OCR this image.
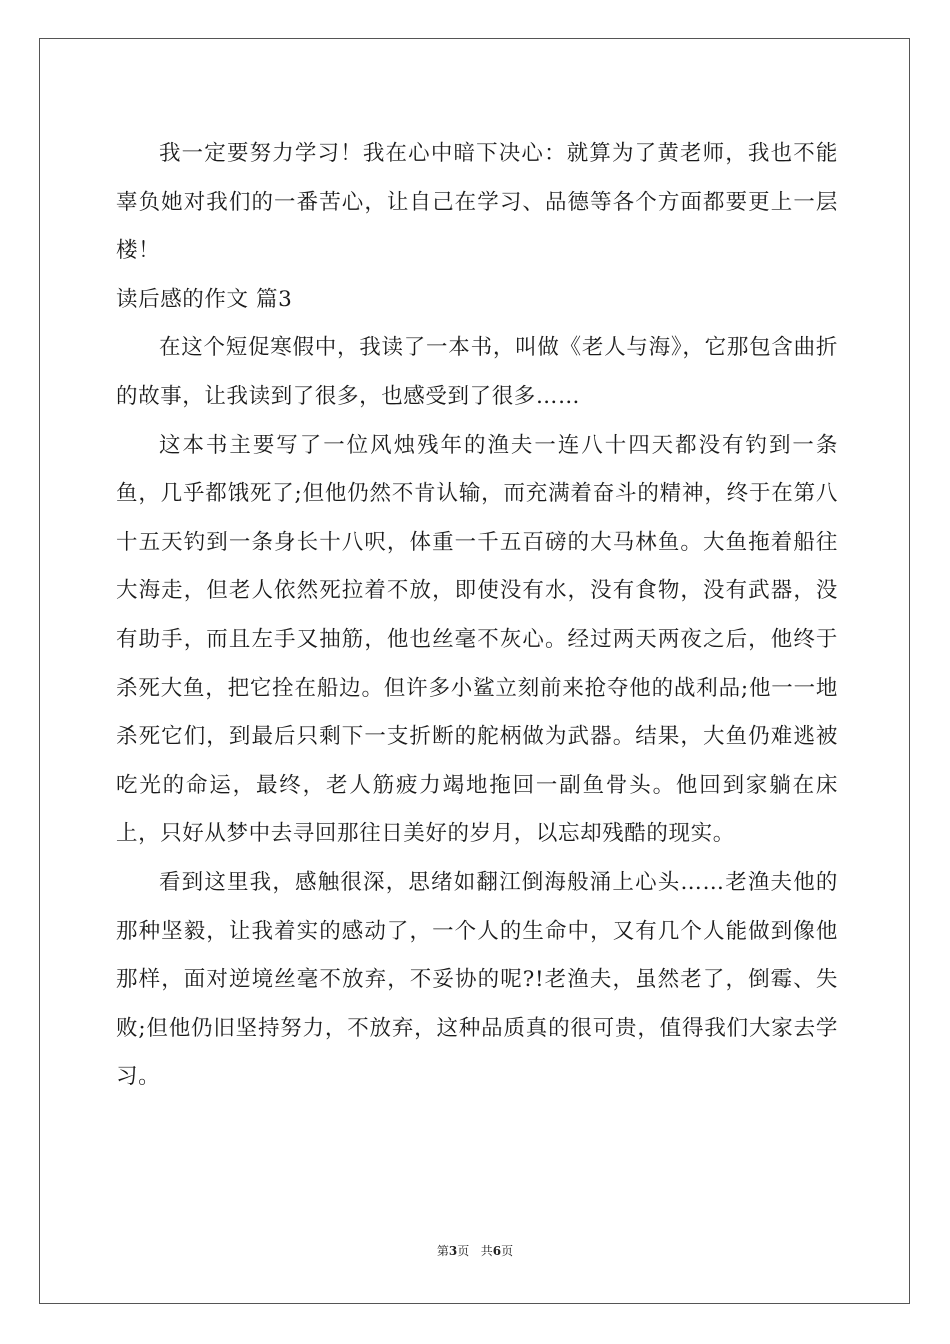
我一定要努力学习！我在心中暗下决心：就算为了黄老师，我也不能辜负她对我们的一番苦心，让自己在学习、品德等各个方面都要更上一层楼！

读后感的作文 篇3

在这个短促寒假中，我读了一本书，叫做《老人与海》，它那包含曲折的故事，让我读到了很多，也感受到了很多……

这本书主要写了一位风烛残年的渔夫一连八十四天都没有钓到一条鱼，几乎都饿死了;但他仍然不肯认输，而充满着奋斗的精神，终于在第八十五天钓到一条身长十八呎，体重一千五百磅的大马林鱼。大鱼拖着船往大海走，但老人依然死拉着不放，即使没有水，没有食物，没有武器，没有助手，而且左手又抽筋，他也丝毫不灰心。经过两天两夜之后，他终于杀死大鱼，把它拴在船边。但许多小鲨立刻前来抢夺他的战利品;他一一地杀死它们，到最后只剩下一支折断的舵柄做为武器。结果，大鱼仍难逃被吃光的命运，最终，老人筋疲力竭地拖回一副鱼骨头。他回到家躺在床上，只好从梦中去寻回那往日美好的岁月，以忘却残酷的现实。

看到这里我，感触很深，思绪如翻江倒海般涌上心头……老渔夫他的那种坚毅，让我着实的感动了，一个人的生命中，又有几个人能做到像他那样，面对逆境丝毫不放弃，不妥协的呢?!老渔夫，虽然老了，倒霉、失败;但他仍旧坚持努力，不放弃，这种品质真的很可贵，值得我们大家去学习。

第3页 共6页
